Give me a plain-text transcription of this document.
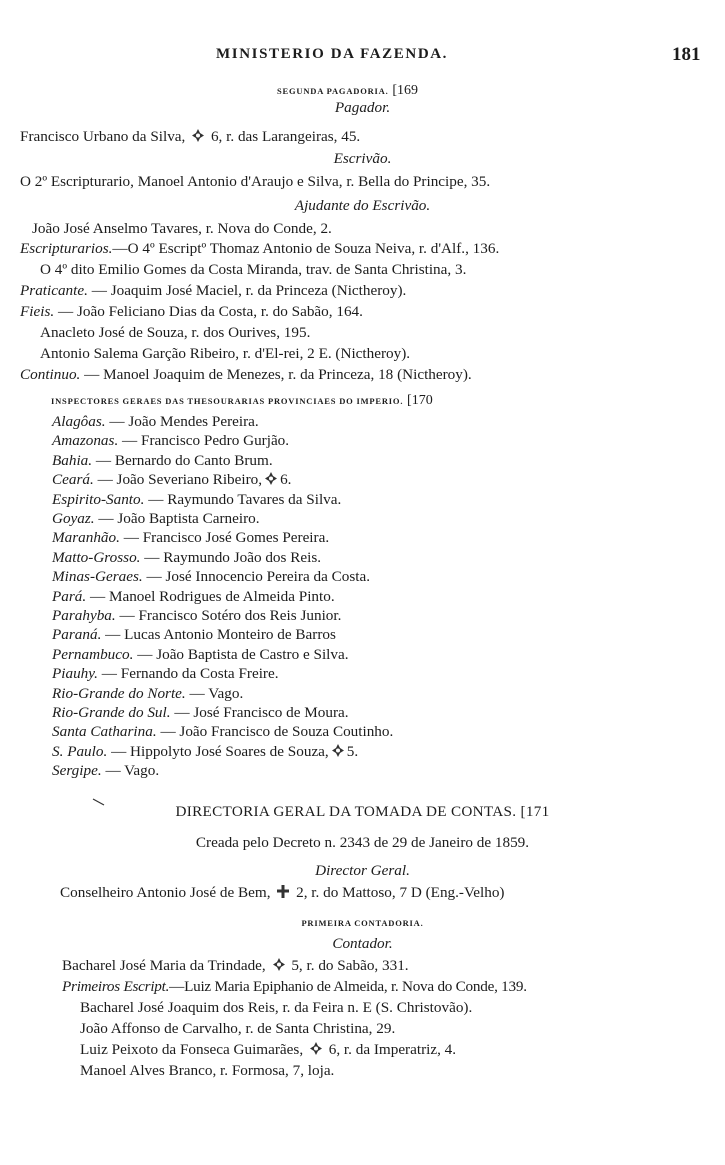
MINISTERIO DA FAZENDA.	181
SEGUNDA PAGADORIA. [169
Pagador.
Francisco Urbano da Silva, 6, r. das Larangeiras, 45.
Escrivão.
O 2º Escripturario, Manoel Antonio d'Araujo e Silva, r. Bella do Principe, 35.
Ajudante do Escrivão.
João José Anselmo Tavares, r. Nova do Conde, 2.
Escripturarios.—O 4º Escriptº Thomaz Antonio de Souza Neiva, r. d'Alf., 136.
O 4º dito Emilio Gomes da Costa Miranda, trav. de Santa Christina, 3.
Praticante. — Joaquim José Maciel, r. da Princeza (Nictheroy).
Fieis. — João Feliciano Dias da Costa, r. do Sabão, 164.
Anacleto José de Souza, r. dos Ourives, 195.
Antonio Salema Garção Ribeiro, r. d'El-rei, 2 E. (Nictheroy).
Continuo. — Manoel Joaquim de Menezes, r. da Princeza, 18 (Nictheroy).
INSPECTORES GERAES DAS THESOURARIAS PROVINCIAES DO IMPERIO. [170
Alagôas. — João Mendes Pereira.
Amazonas. — Francisco Pedro Gurjão.
Bahia. — Bernardo do Canto Brum.
Ceará. — João Severiano Ribeiro, 6.
Espirito-Santo. — Raymundo Tavares da Silva.
Goyaz. — João Baptista Carneiro.
Maranhão. — Francisco José Gomes Pereira.
Matto-Grosso. — Raymundo João dos Reis.
Minas-Geraes. — José Innocencio Pereira da Costa.
Pará. — Manoel Rodrigues de Almeida Pinto.
Parahyba. — Francisco Sotéro dos Reis Junior.
Paraná. — Lucas Antonio Monteiro de Barros
Pernambuco. — João Baptista de Castro e Silva.
Piauhy. — Fernando da Costa Freire.
Rio-Grande do Norte. — Vago.
Rio-Grande do Sul. — José Francisco de Moura.
Santa Catharina. — João Francisco de Souza Coutinho.
S. Paulo. — Hippolyto José Soares de Souza, 5.
Sergipe. — Vago.
DIRECTORIA GERAL DA TOMADA DE CONTAS. [171
Creada pelo Decreto n. 2343 de 29 de Janeiro de 1859.
Director Geral.
Conselheiro Antonio José de Bem, 2, r. do Mattoso, 7 D (Eng.-Velho)
PRIMEIRA CONTADORIA.
Contador.
Bacharel José Maria da Trindade, 5, r. do Sabão, 331.
Primeiros Escript.—Luiz Maria Epiphanio de Almeida, r. Nova do Conde, 139.
Bacharel José Joaquim dos Reis, r. da Feira n. E (S. Christovão).
João Affonso de Carvalho, r. de Santa Christina, 29.
Luiz Peixoto da Fonseca Guimarães, 6, r. da Imperatriz, 4.
Manoel Alves Branco, r. Formosa, 7, loja.
